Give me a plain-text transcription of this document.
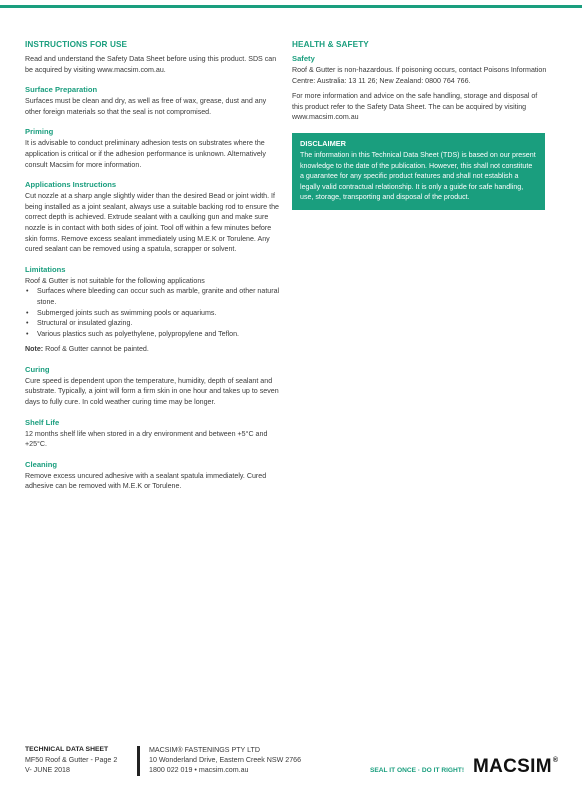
INSTRUCTIONS FOR USE

Read and understand the Safety Data Sheet before using this product. SDS can be acquired by visiting www.macsim.com.au.

Surface Preparation

Surfaces must be clean and dry, as well as free of wax, grease, dust and any other foreign materials so that the seal is not compromised.

Priming

It is advisable to conduct preliminary adhesion tests on substrates where the application is critical or if the adhesion performance is unknown. Alternatively consult Macsim for more information.

Applications Instructions

Cut nozzle at a sharp angle slightly wider than the desired Bead or joint width. If being installed as a joint sealant, always use a suitable backing rod to ensure the correct depth is achieved. Extrude sealant with a caulking gun and make sure nozzle is in contact with both sides of joint. Tool off within a few minutes before skin forms. Remove excess sealant immediately using M.E.K or Torulene. Any cured sealant can be removed using a spatula, scrapper or solvent.

Limitations

Roof & Gutter is not suitable for the following applications

• Surfaces where bleeding can occur such as marble, granite and other natural stone.
• Submerged joints such as swimming pools or aquariums.
• Structural or insulated glazing.
• Various plastics such as polyethylene, polypropylene and Teflon.

Note: Roof & Gutter cannot be painted.

Curing

Cure speed is dependent upon the temperature, humidity, depth of sealant and substrate. Typically, a joint will form a firm skin in one hour and takes up to seven days to fully cure. In cold weather curing time may be longer.

Shelf Life

12 months shelf life when stored in a dry environment and between +5°C and +25°C.

Cleaning

Remove excess uncured adhesive with a sealant spatula immediately. Cured adhesive can be removed with M.E.K or Torulene.

HEALTH & SAFETY
Safety

Roof & Gutter is non-hazardous. If poisoning occurs, contact Poisons Information Centre: Australia: 13 11 26; New Zealand: 0800 764 766.

For more information and advice on the safe handling, storage and disposal of this product refer to the Safety Data Sheet. The can be acquired by visiting www.macsim.com.au

DISCLAIMER

The information in this Technical Data Sheet (TDS) is based on our present knowledge to the date of the publication. However, this shall not constitute a guarantee for any specific product features and shall not establish a legally valid contractual relationship. It is only a guide for safe handling, use, storage, transporting and disposal of the product.

TECHNICAL DATA SHEET

MF50 Roof & Gutter - Page 2

V- JUNE 2018

MACSIM® FASTENINGS PTY LTD

10 Wonderland Drive, Eastern Creek NSW 2766

1800 022 019 • macsim.com.au	SEAL IT ONCE · DO IT RIGHT! MACSIM®
